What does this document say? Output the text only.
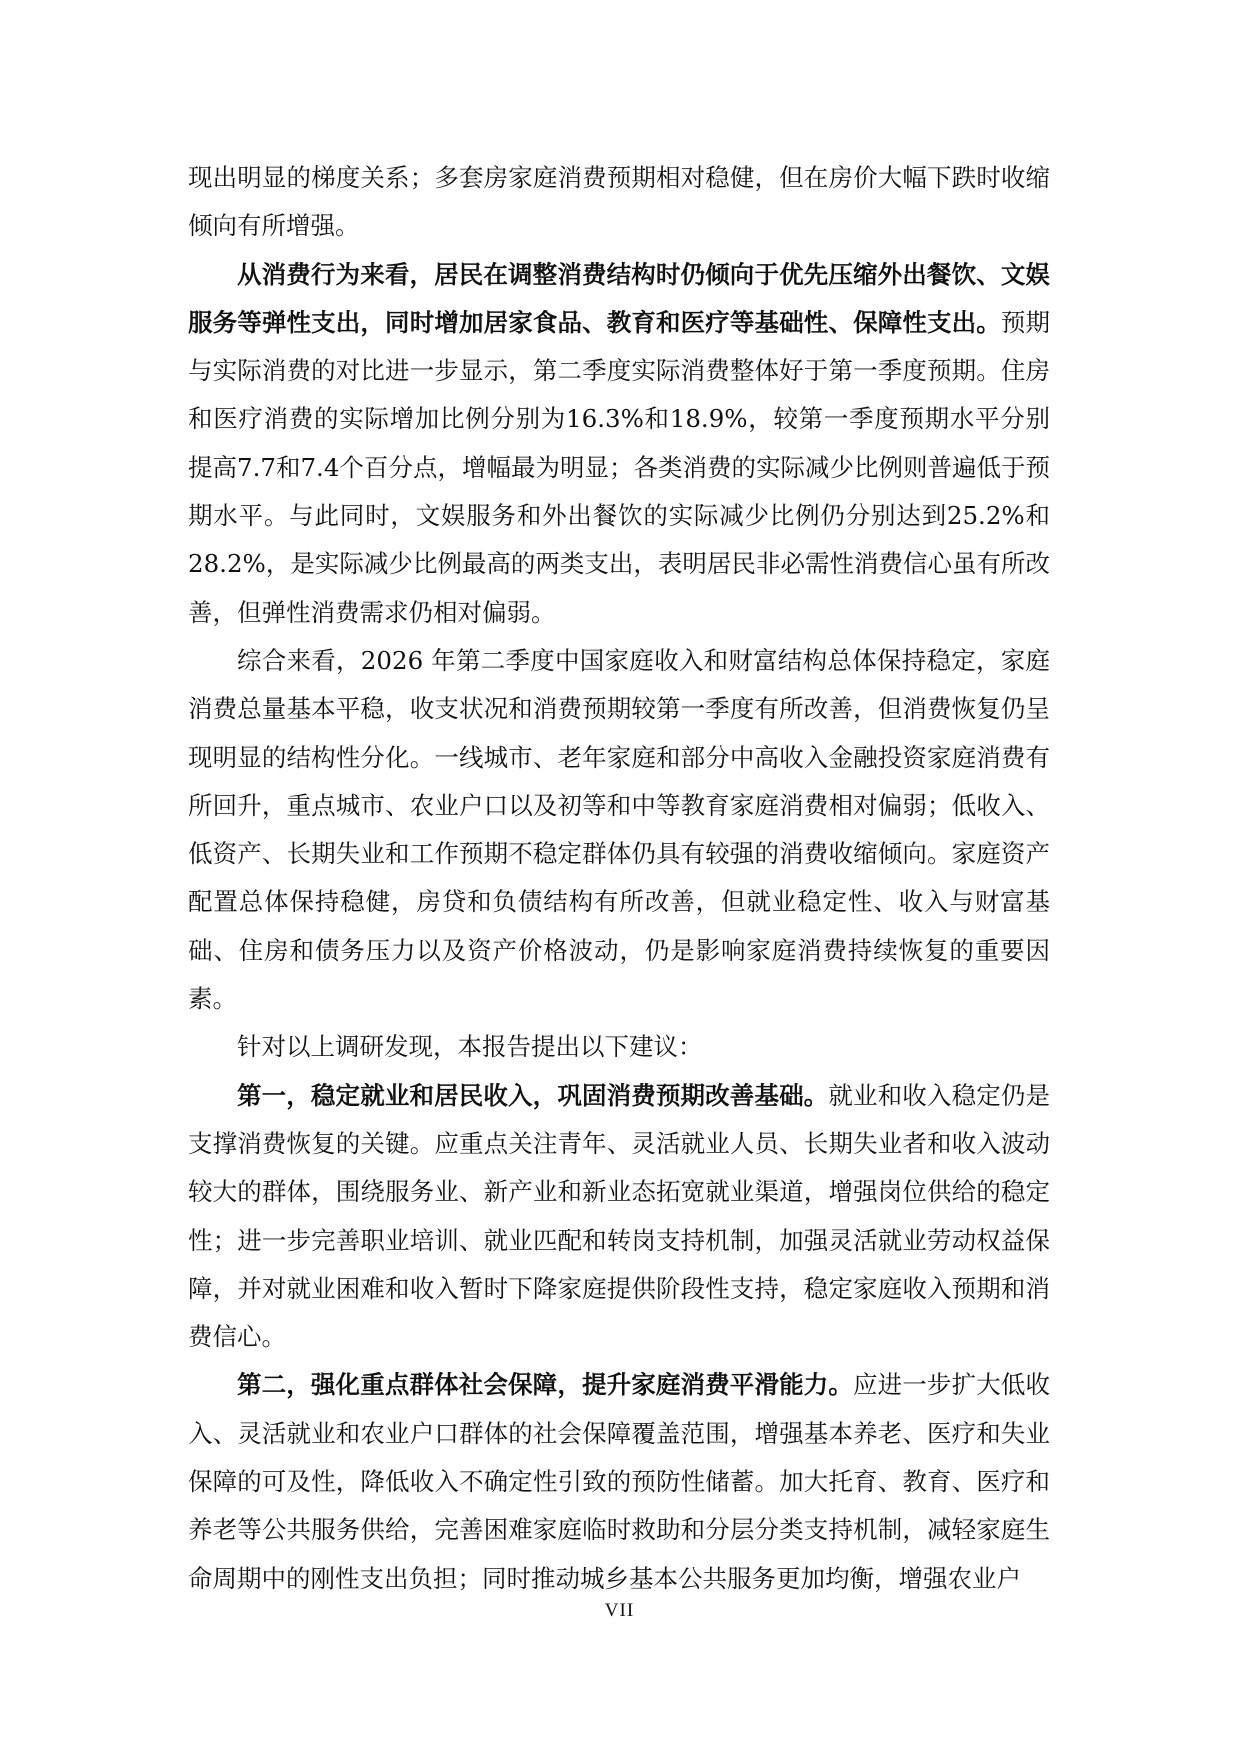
现出明显的梯度关系；多套房家庭消费预期相对稳健，但在房价大幅下跌时收缩倾向有所增强。

从消费行为来看，居民在调整消费结构时仍倾向于优先压缩外出餐饮、文娱服务等弹性支出，同时增加居家食品、教育和医疗等基础性、保障性支出。预期与实际消费的对比进一步显示，第二季度实际消费整体好于第一季度预期。住房和医疗消费的实际增加比例分别为16.3%和18.9%，较第一季度预期水平分别提高7.7和7.4个百分点，增幅最为明显；各类消费的实际减少比例则普遍低于预期水平。与此同时，文娱服务和外出餐饮的实际减少比例仍分别达到25.2%和28.2%，是实际减少比例最高的两类支出，表明居民非必需性消费信心虽有所改善，但弹性消费需求仍相对偏弱。

综合来看，2026 年第二季度中国家庭收入和财富结构总体保持稳定，家庭消费总量基本平稳，收支状况和消费预期较第一季度有所改善，但消费恢复仍呈现明显的结构性分化。一线城市、老年家庭和部分中高收入金融投资家庭消费有所回升，重点城市、农业户口以及初等和中等教育家庭消费相对偏弱；低收入、低资产、长期失业和工作预期不稳定群体仍具有较强的消费收缩倾向。家庭资产配置总体保持稳健，房贷和负债结构有所改善，但就业稳定性、收入与财富基础、住房和债务压力以及资产价格波动，仍是影响家庭消费持续恢复的重要因素。

针对以上调研发现，本报告提出以下建议：

第一，稳定就业和居民收入，巩固消费预期改善基础。就业和收入稳定仍是支撑消费恢复的关键。应重点关注青年、灵活就业人员、长期失业者和收入波动较大的群体，围绕服务业、新产业和新业态拓宽就业渠道，增强岗位供给的稳定性；进一步完善职业培训、就业匹配和转岗支持机制，加强灵活就业劳动权益保障，并对就业困难和收入暂时下降家庭提供阶段性支持，稳定家庭收入预期和消费信心。

第二，强化重点群体社会保障，提升家庭消费平滑能力。应进一步扩大低收入、灵活就业和农业户口群体的社会保障覆盖范围，增强基本养老、医疗和失业保障的可及性，降低收入不确定性引致的预防性储蓄。加大托育、教育、医疗和养老等公共服务供给，完善困难家庭临时救助和分层分类支持机制，减轻家庭生命周期中的刚性支出负担；同时推动城乡基本公共服务更加均衡，增强农业户

VII
